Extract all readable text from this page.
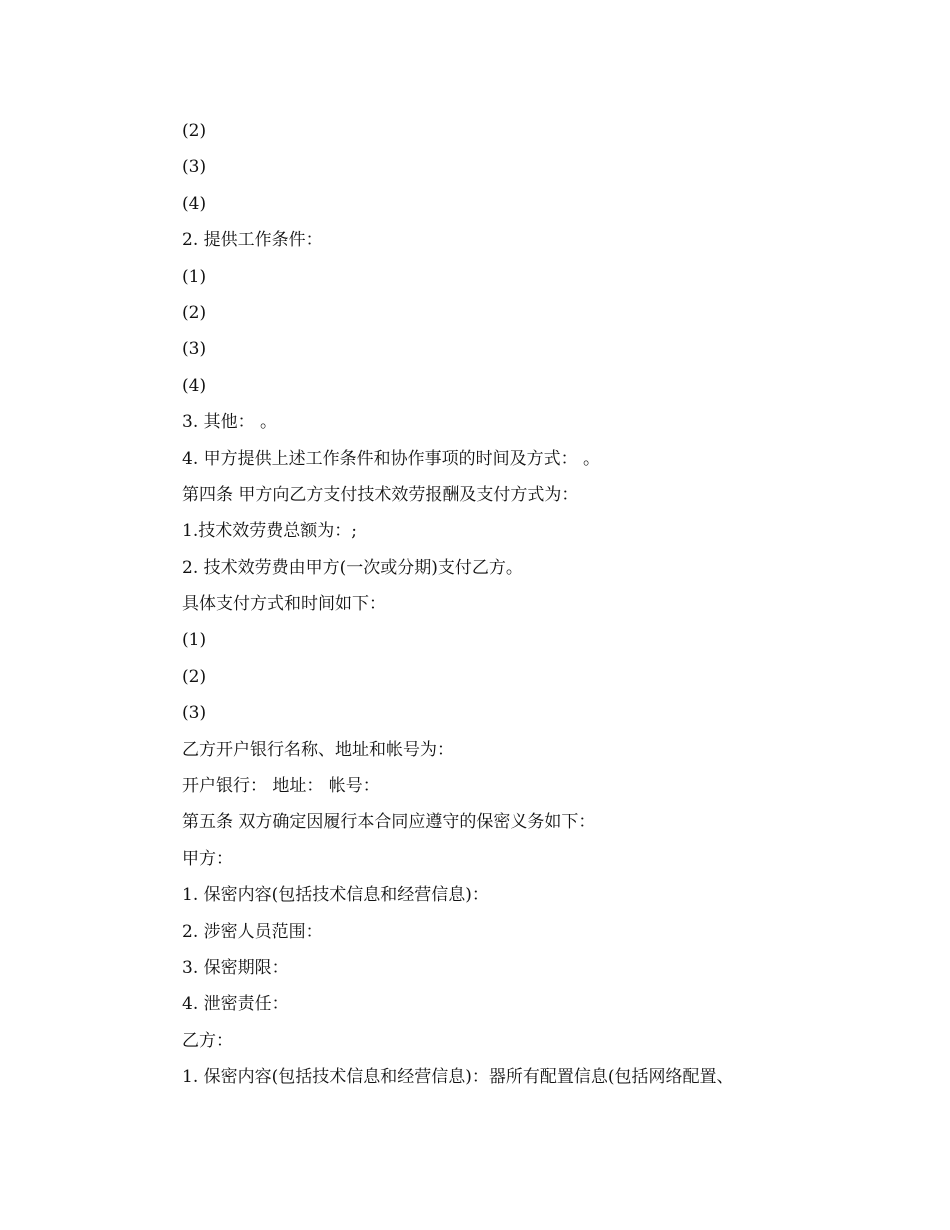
(2)
(3)
(4)
2. 提供工作条件：
(1)
(2)
(3)
(4)
3. 其他： 。
4. 甲方提供上述工作条件和协作事项的时间及方式： 。
第四条 甲方向乙方支付技术效劳报酬及支付方式为：
1.技术效劳费总额为：;
2. 技术效劳费由甲方(一次或分期)支付乙方。
具体支付方式和时间如下：
(1)
(2)
(3)
乙方开户银行名称、地址和帐号为：
开户银行： 地址： 帐号：
第五条 双方确定因履行本合同应遵守的保密义务如下：
甲方：
1. 保密内容(包括技术信息和经营信息)：
2. 涉密人员范围：
3. 保密期限：
4. 泄密责任：
乙方：
1. 保密内容(包括技术信息和经营信息)：器所有配置信息(包括网络配置、
